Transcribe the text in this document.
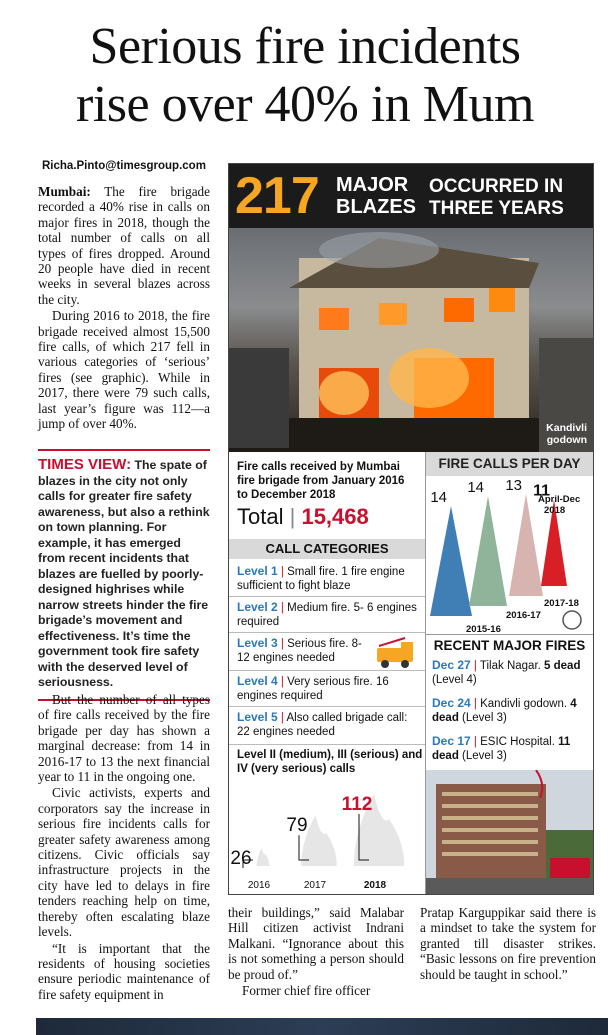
Serious fire incidents
rise over 40% in Mum
Richa.Pinto@timesgroup.com

Mumbai: The fire brigade recorded a 40% rise in calls on major fires in 2018, though the total number of calls on all types of fires dropped. Around 20 people have died in recent weeks in several blazes across the city.

During 2016 to 2018, the fire brigade received almost 15,500 fire calls, of which 217 fell in various categories of ‘serious’ fires (see graphic). While in 2017, there were 79 such calls, last year’s figure was 112—a jump of over 40%.

TIMES VIEW: The spate of blazes in the city not only calls for greater fire safety awareness, but also a rethink on town planning. For example, it has emerged from recent incidents that blazes are fuelled by poorly-designed highrises while narrow streets hinder the fire brigade’s movement and effectiveness. It’s time the government took fire safety with the deserved level of seriousness.

But the number of all types of fire calls received by the fire brigade per day has shown a marginal decrease: from 14 in 2016-17 to 13 the next financial year to 11 in the ongoing one.

Civic activists, experts and corporators say the increase in serious fire incidents calls for greater safety awareness among citizens. Civic officials say infrastructure projects in the city have led to delays in fire tenders reaching help on time, thereby often escalating blaze levels.

“It is important that the residents of housing societies ensure periodic maintenance of fire safety equipment in

217 MAJOR
BLAZES
OCCURRED IN
THREE YEARS
Kandivli
godown
Fire calls received by Mumbai fire brigade from January 2016 to December 2018
Total | 15,468
CALL CATEGORIES
Level 1 | Small fire. 1 fire engine sufficient to fight blaze
Level 2 | Medium fire. 5- 6 engines required
Level 3 | Serious fire. 8-12 engines needed
Level 4 | Very serious fire. 16 engines required
Level 5 | Also called brigade call: 22 engines needed
Level II (medium), III (serious) and IV (very serious) calls
26
2016
79
2017
112
2018
FIRE CALLS PER DAY
14
14 13 11
2015-16
2016-17
2017-18
April-Dec
2018
RECENT MAJOR FIRES
Dec 27 | Tilak Nagar. 5 dead (Level 4)
Dec 24 | Kandivli godown. 4 dead (Level 3)
Dec 17 | ESIC Hospital. 11 dead (Level 3)

their buildings,” said Malabar Hill citizen activist Indrani Malkani. “Ignorance about this is not something a person should be proud of.”

Former chief fire officer

Pratap Karguppikar said there is a mindset to take the system for granted till disaster strikes. “Basic lessons on fire prevention should be taught in school.”
